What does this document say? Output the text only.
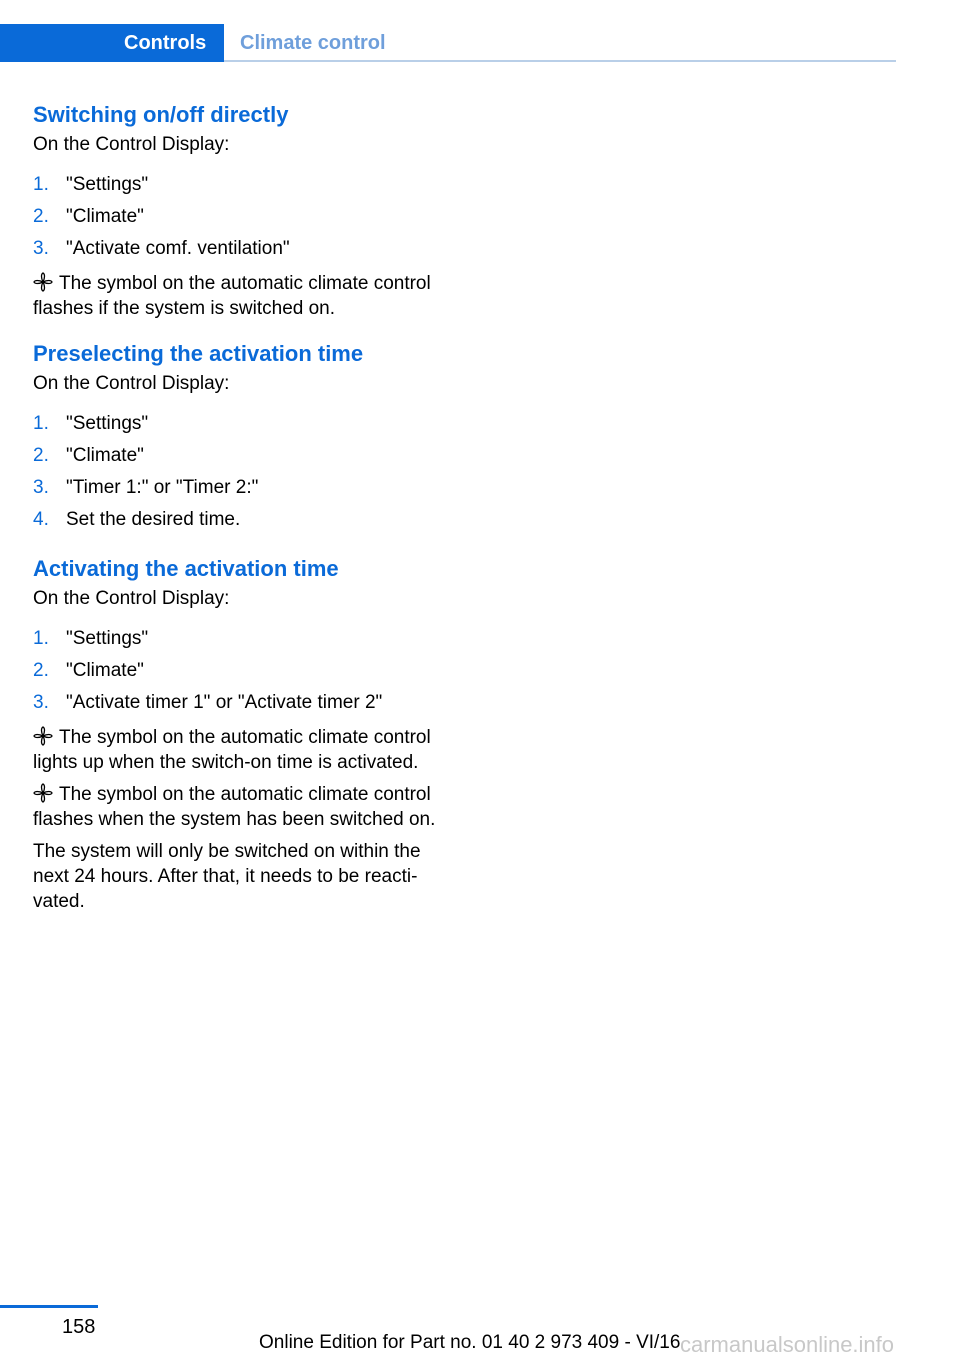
Controls	Climate control
Switching on/off directly

On the Control Display:

1. "Settings"
2. "Climate"
3. "Activate comf. ventilation"

The symbol on the automatic climate control flashes if the system is switched on.

Preselecting the activation time

On the Control Display:

1. "Settings"
2. "Climate"
3. "Timer 1:" or "Timer 2:"
4. Set the desired time.
Activating the activation time

On the Control Display:

1. "Settings"
2. "Climate"
3. "Activate timer 1" or "Activate timer 2"

The symbol on the automatic climate control lights up when the switch-on time is activated.

The symbol on the automatic climate control flashes when the system has been switched on.

The system will only be switched on within the next 24 hours. After that, it needs to be reactivated.

158
Online Edition for Part no. 01 40 2 973 409 - VI/16 carmanualsonline.info
